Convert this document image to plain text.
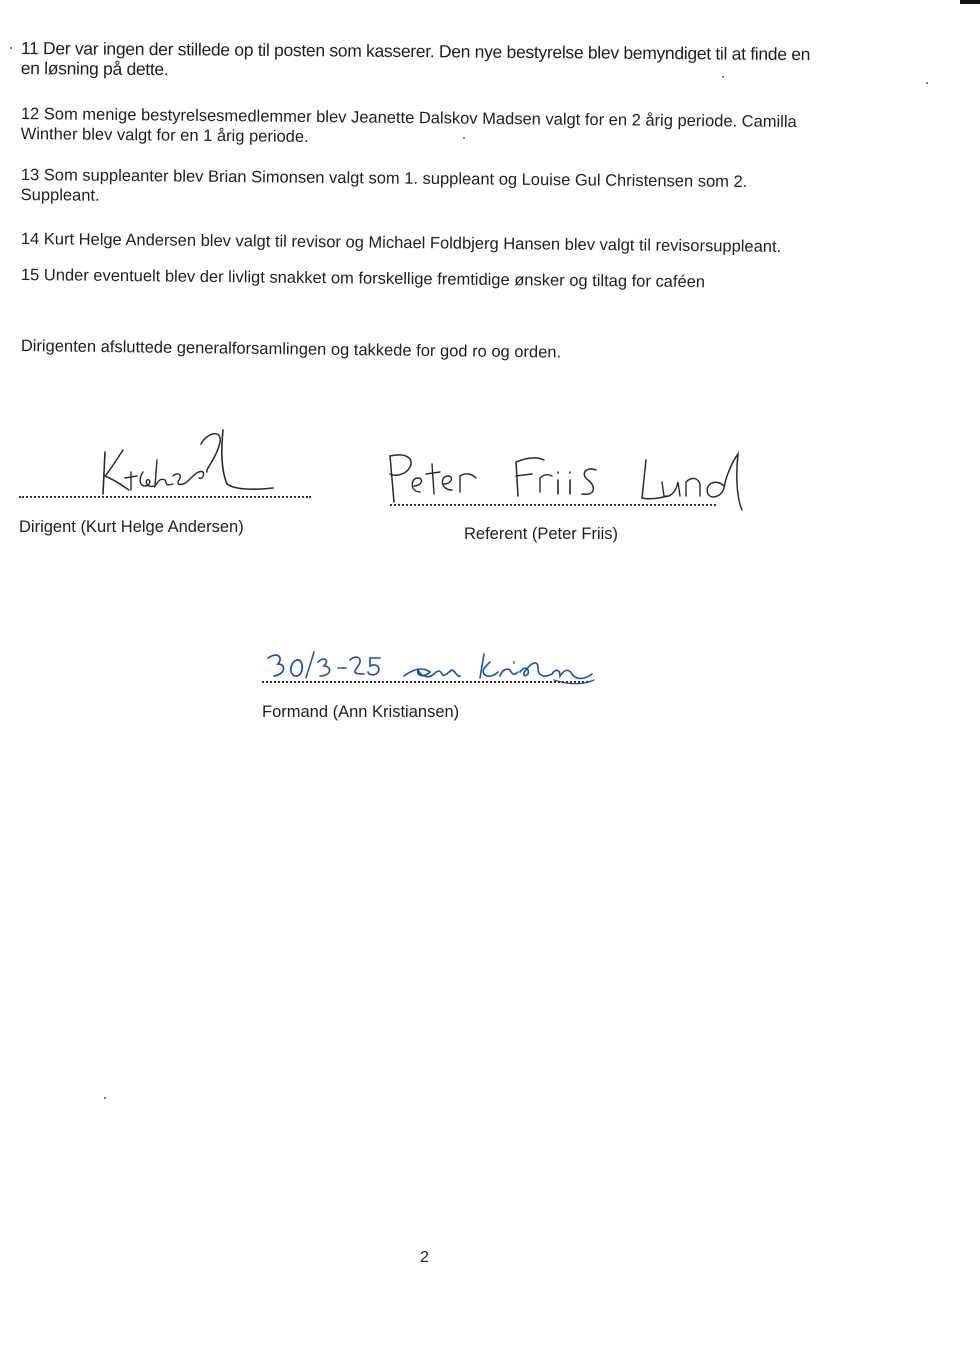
11 Der var ingen der stillede op til posten som kasserer. Den nye bestyrelse blev bemyndiget til at finde en
en løsning på dette.
12 Som menige bestyrelsesmedlemmer blev Jeanette Dalskov Madsen valgt for en 2 årig periode. Camilla
Winther blev valgt for en 1 årig periode.
13 Som suppleanter blev Brian Simonsen valgt som 1. suppleant og Louise Gul Christensen som 2.
Suppleant.
14 Kurt Helge Andersen blev valgt til revisor og Michael Foldbjerg Hansen blev valgt til revisorsuppleant.
15 Under eventuelt blev der livligt snakket om forskellige fremtidige ønsker og tiltag for caféen
Dirigenten afsluttede generalforsamlingen og takkede for god ro og orden.
Dirigent (Kurt Helge Andersen)	Referent (Peter Friis)
Formand (Ann Kristiansen)
2
